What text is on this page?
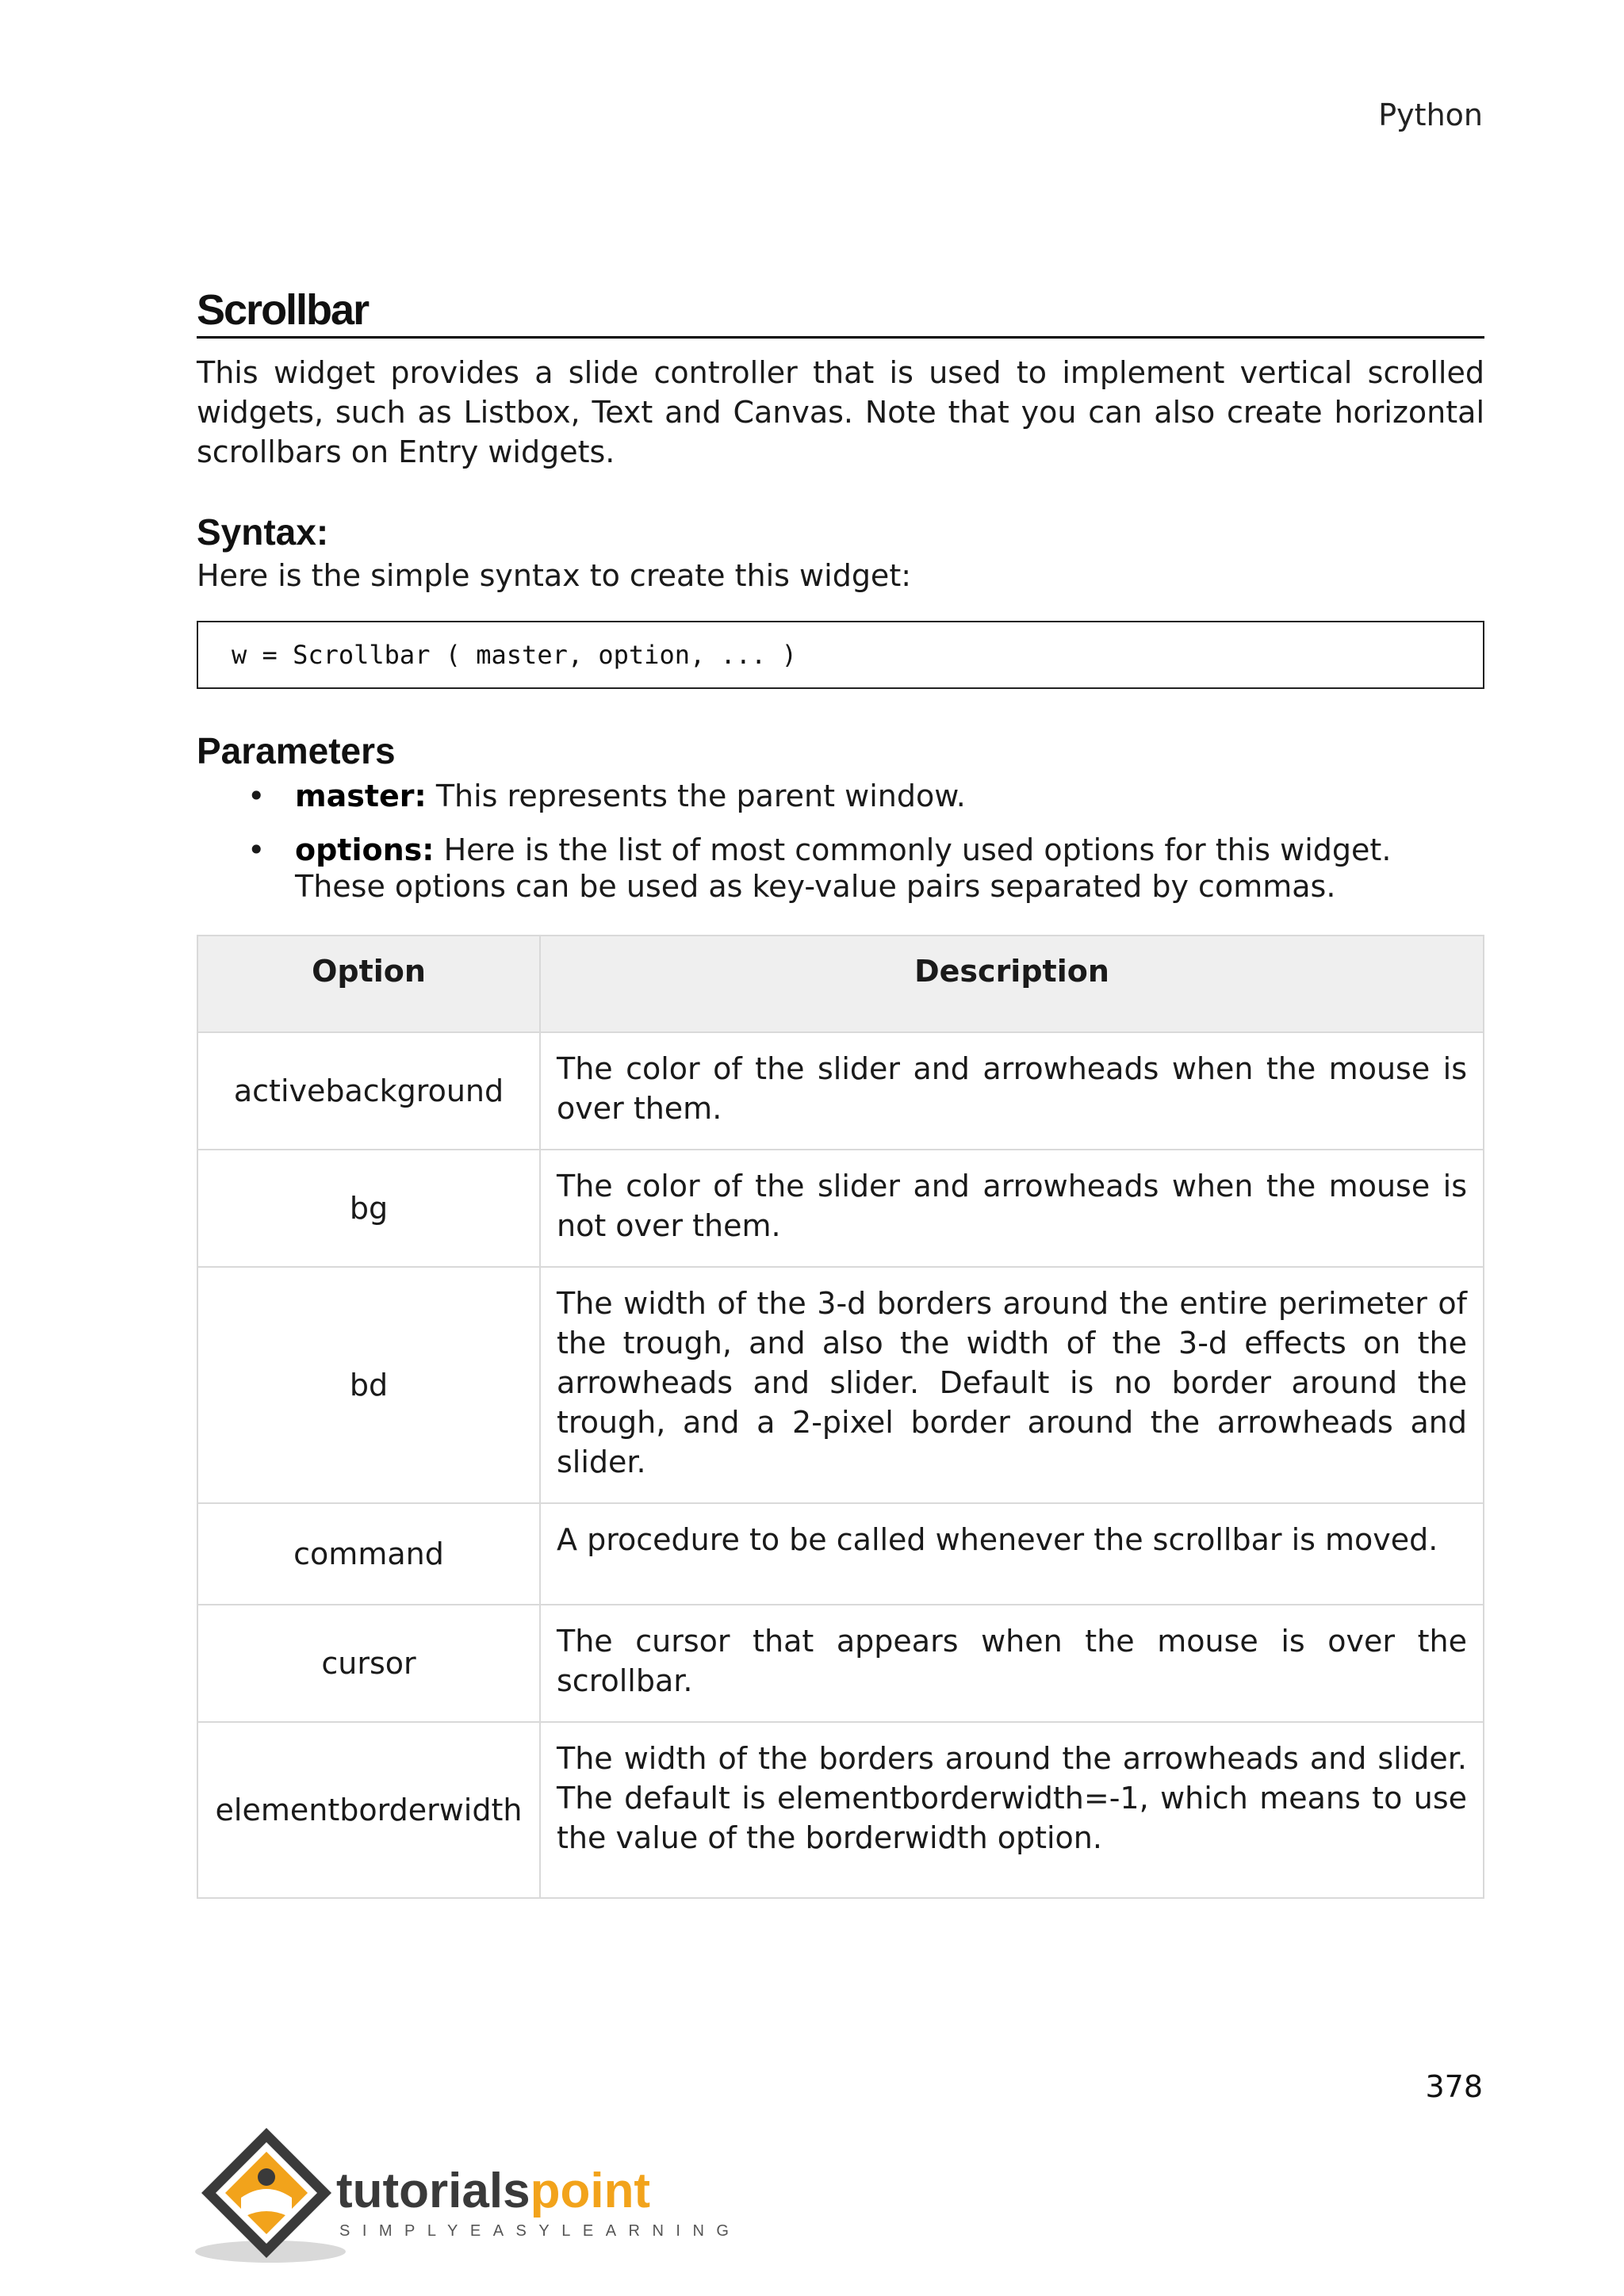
Python
Scrollbar

This widget provides a slide controller that is used to implement vertical scrolled widgets, such as Listbox, Text and Canvas. Note that you can also create horizontal scrollbars on Entry widgets.

Syntax:

Here is the simple syntax to create this widget:

w = Scrollbar ( master, option, ... )
Parameters
• master: This represents the parent window.
• options: Here is the list of most commonly used options for this widget. These options can be used as key-value pairs separated by commas.
Option	Description
activebackground	The color of the slider and arrowheads when the mouse is over them.
bg	The color of the slider and arrowheads when the mouse is not over them.
bd	The width of the 3-d borders around the entire perimeter of the trough, and also the width of the 3-d effects on the arrowheads and slider. Default is no border around the trough, and a 2-pixel border around the arrowheads and slider.
command	A procedure to be called whenever the scrollbar is moved.
cursor	The cursor that appears when the mouse is over the scrollbar.
elementborderwidth	The width of the borders around the arrowheads and slider. The default is elementborderwidth=-1, which means to use the value of the borderwidth option.
378
tutorialspoint
SIMPLYEASYLEARNING
